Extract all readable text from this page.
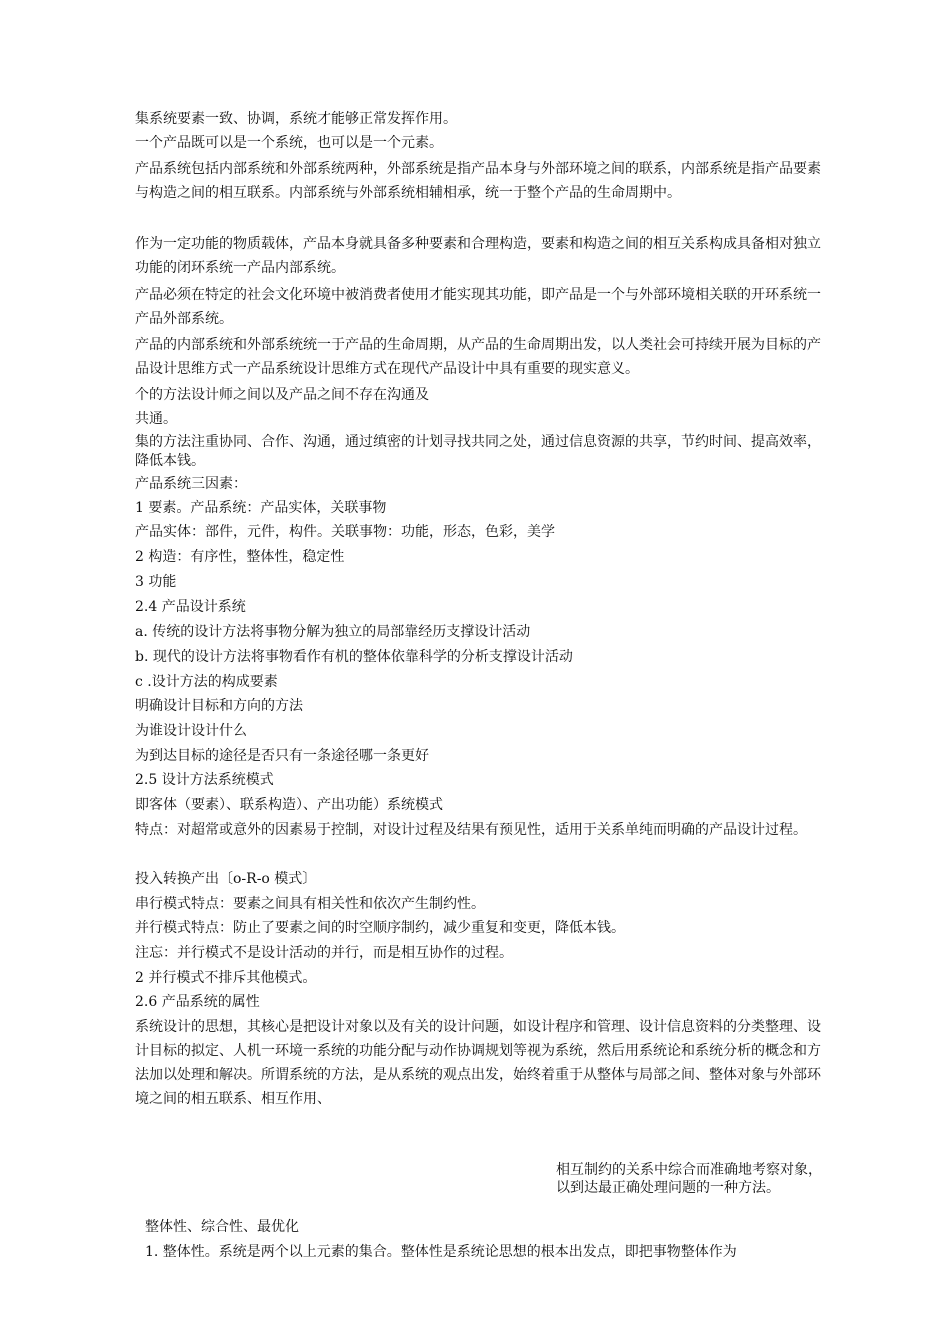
集系统要素一致、协调，系统才能够正常发挥作用。

一个产品既可以是一个系统，也可以是一个元素。

产品系统包括内部系统和外部系统两种，外部系统是指产品本身与外部环境之间的联系，内部系统是指产品要素与构造之间的相互联系。内部系统与外部系统相辅相承，统一于整个产品的生命周期中。

作为一定功能的物质载体，产品本身就具备多种要素和合理构造，要素和构造之间的相互关系构成具备相对独立功能的闭环系统一产品内部系统。

产品必须在特定的社会文化环境中被消费者使用才能实现其功能，即产品是一个与外部环境相关联的开环系统一产品外部系统。

产品的内部系统和外部系统统一于产品的生命周期，从产品的生命周期出发，以人类社会可持续开展为目标的产品设计思维方式一产品系统设计思维方式在现代产品设计中具有重要的现实意义。

个的方法设计师之间以及产品之间不存在沟通及

共通。

集的方法注重协同、合作、沟通，通过缜密的计划寻找共同之处，通过信息资源的共享，节约时间、提高效率，降低本钱。

产品系统三因素：

1 要素。产品系统：产品实体，关联事物

产品实体：部件，元件，构件。关联事物：功能，形态，色彩，美学

2 构造：有序性，整体性，稳定性

3 功能

2.4 产品设计系统

a. 传统的设计方法将事物分解为独立的局部靠经历支撑设计活动

b. 现代的设计方法将事物看作有机的整体依靠科学的分析支撑设计活动

c .设计方法的构成要素

明确设计目标和方向的方法

为谁设计设计什么

为到达目标的途径是否只有一条途径哪一条更好

2.5 设计方法系统模式

即客体（要素）、联系构造）、产出功能）系统模式

特点：对超常或意外的因素易于控制，对设计过程及结果有预见性，适用于关系单纯而明确的产品设计过程。

投入转换产出〔o-R-o 模式〕

串行模式特点：要素之间具有相关性和依次产生制约性。

并行模式特点：防止了要素之间的时空顺序制约，减少重复和变更，降低本钱。

注忘：并行模式不是设计活动的并行，而是相互协作的过程。

2 并行模式不排斥其他模式。

2.6 产品系统的属性

系统设计的思想，其核心是把设计对象以及有关的设计问题，如设计程序和管理、设计信息资料的分类整理、设计目标的拟定、人机一环境一系统的功能分配与动作协调规划等视为系统，然后用系统论和系统分析的概念和方法加以处理和解决。所谓系统的方法，是从系统的观点出发，始终着重于从整体与局部之间、整体对象与外部环境之间的相五联系、相互作用、

相互制约的关系中综合而准确地考察对象，以到达最正确处理问题的一种方法。

整体性、综合性、最优化

1. 整体性。系统是两个以上元素的集合。整体性是系统论思想的根本出发点，即把事物整体作为
